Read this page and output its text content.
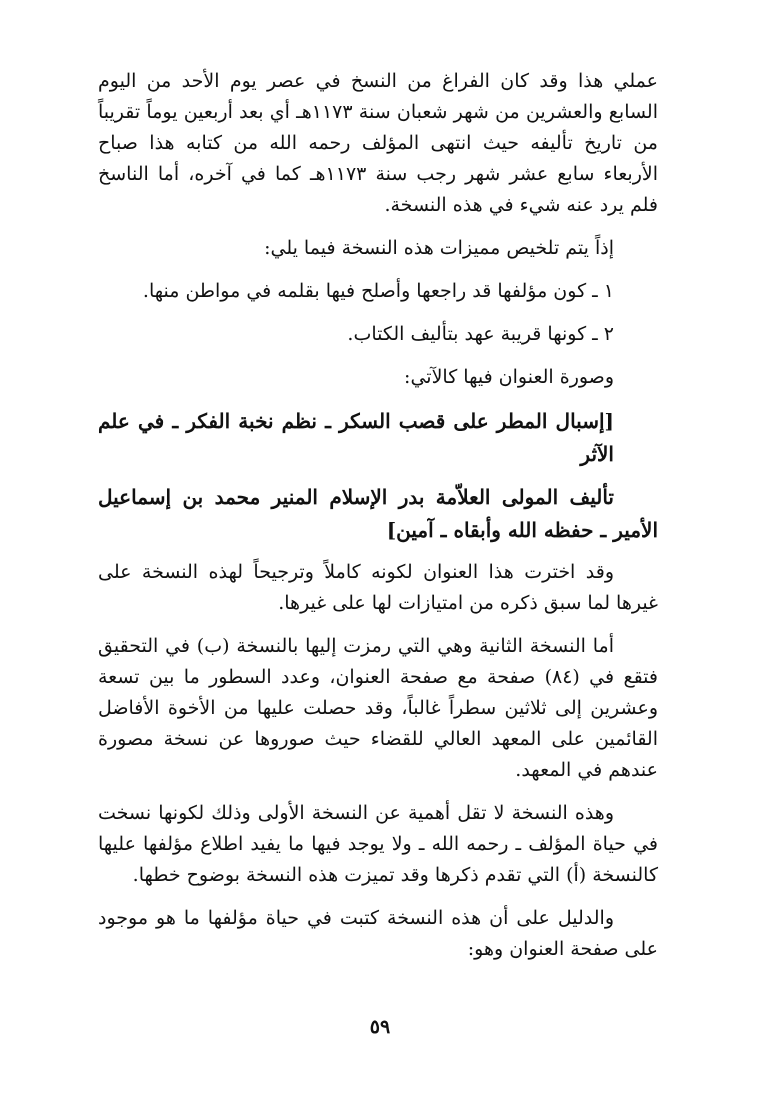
عملي هذا وقد كان الفراغ من النسخ في عصر يوم الأحد من اليوم السابع والعشرين من شهر شعبان سنة ١١٧٣هـ أي بعد أربعين يوماً تقريباً من تاريخ تأليفه حيث انتهى المؤلف رحمه الله من كتابه هذا صباح الأربعاء سابع عشر شهر رجب سنة ١١٧٣هـ كما في آخره، أما الناسخ فلم يرد عنه شيء في هذه النسخة.

إذاً يتم تلخيص مميزات هذه النسخة فيما يلي:

١ ـ كون مؤلفها قد راجعها وأصلح فيها بقلمه في مواطن منها.

٢ ـ كونها قريبة عهد بتأليف الكتاب.

وصورة العنوان فيها كالآتي:

[إسبال المطر على قصب السكر ـ نظم نخبة الفكر ـ في علم الآثر

تأليف المولى العلاّمة بدر الإسلام المنير محمد بن إسماعيل الأمير ـ حفظه الله وأبقاه ـ آمين]

وقد اخترت هذا العنوان لكونه كاملاً وترجيحاً لهذه النسخة على غيرها لما سبق ذكره من امتيازات لها على غيرها.

أما النسخة الثانية وهي التي رمزت إليها بالنسخة (ب) في التحقيق فتقع في (٨٤) صفحة مع صفحة العنوان، وعدد السطور ما بين تسعة وعشرين إلى ثلاثين سطراً غالباً، وقد حصلت عليها من الأخوة الأفاضل القائمين على المعهد العالي للقضاء حيث صوروها عن نسخة مصورة عندهم في المعهد.

وهذه النسخة لا تقل أهمية عن النسخة الأولى وذلك لكونها نسخت في حياة المؤلف ـ رحمه الله ـ ولا يوجد فيها ما يفيد اطلاع مؤلفها عليها كالنسخة (أ) التي تقدم ذكرها وقد تميزت هذه النسخة بوضوح خطها.

والدليل على أن هذه النسخة كتبت في حياة مؤلفها ما هو موجود على صفحة العنوان وهو:

٥٩
